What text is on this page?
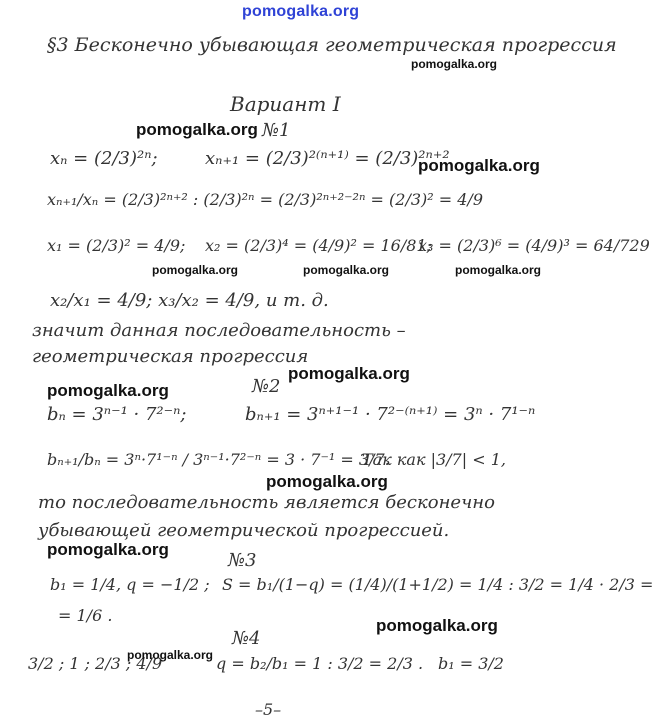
pomogalka.org
§3 Бесконечно убывающая геометрическая прогрессия
Вариант I
№1
xₙ = (2/3)²ⁿ;	xₙ₊₁ = (2/3)²⁽ⁿ⁺¹⁾ = (2/3)²ⁿ⁺²
xₙ₊₁/xₙ = (2/3)²ⁿ⁺² : (2/3)²ⁿ = (2/3)²ⁿ⁺²⁻²ⁿ = (2/3)² = 4/9
x₁ = (2/3)² = 4/9; x₂ = (2/3)⁴ = (4/9)² = 16/81;
x₃ = (2/3)⁶ = (4/9)³ = 64/729
x₂/x₁ = 4/9; x₃/x₂ = 4/9, и т. д.
значит данная последовательность –
геометрическая прогрессия
№2
bₙ = 3ⁿ⁻¹ · 7²⁻ⁿ;	bₙ₊₁ = 3ⁿ⁺¹⁻¹ · 7²⁻⁽ⁿ⁺¹⁾ = 3ⁿ · 7¹⁻ⁿ
bₙ₊₁/bₙ = 3ⁿ·7¹⁻ⁿ / 3ⁿ⁻¹·7²⁻ⁿ = 3 · 7⁻¹ = 3/7.
Так как |3/7| < 1,
то последовательность является бесконечно
убывающей геометрической прогрессией.
№3
b₁ = 1/4, q = −1/2 ; S = b₁/(1−q) = (1/4)/(1+1/2) = 1/4 : 3/2 = 1/4 · 2/3 =
= 1/6 .
№4
3/2 ; 1 ; 2/3 ; 4/9	q = b₂/b₁ = 1 : 3/2 = 2/3 . b₁ = 3/2
–5–
pomogalka.org
pomogalka.org
pomogalka.org
pomogalka.org	pomogalka.org	pomogalka.org
pomogalka.org
pomogalka.org
pomogalka.org
pomogalka.org
pomogalka.org
pomogalka.org
